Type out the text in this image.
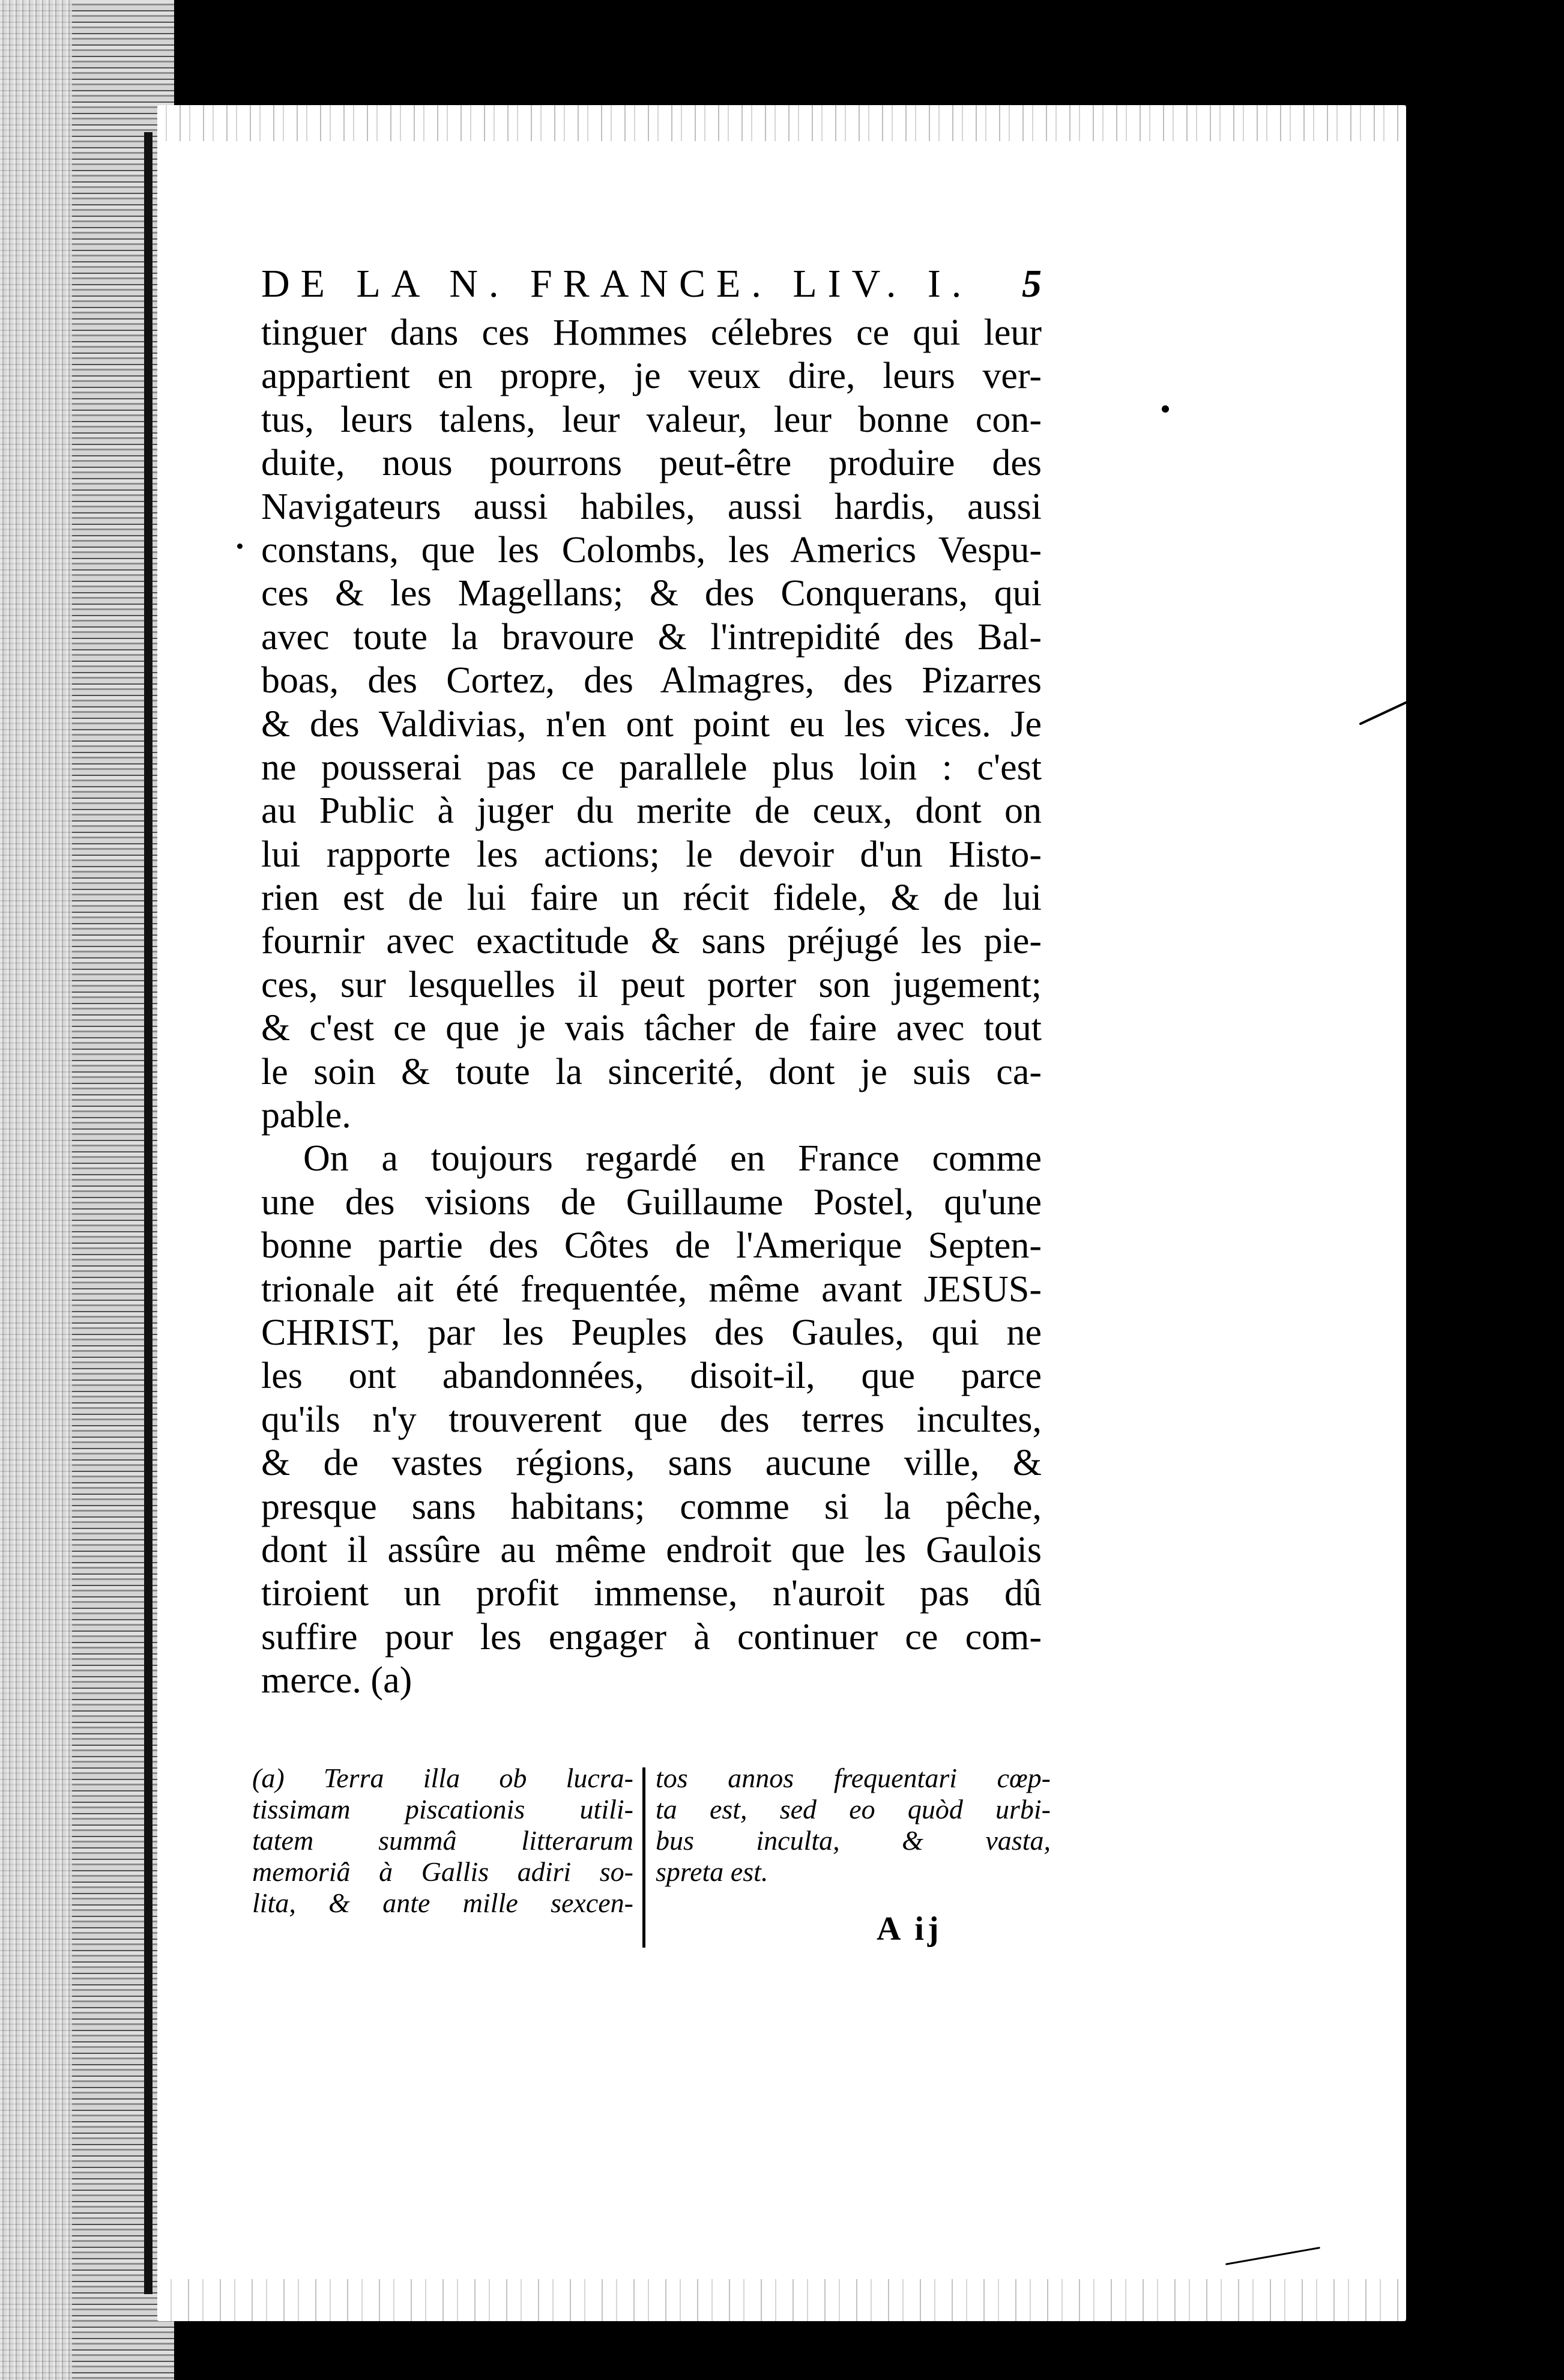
DE LA N. FRANCE. LIV. I.	5
tinguer dans ces Hommes célebres ce qui leur
appartient en propre, je veux dire, leurs ver-
tus, leurs talens, leur valeur, leur bonne con-
duite, nous pourrons peut-être produire des
Navigateurs aussi habiles, aussi hardis, aussi
constans, que les Colombs, les Americs Vespu-
ces & les Magellans; & des Conquerans, qui
avec toute la bravoure & l'intrepidité des Bal-
boas, des Cortez, des Almagres, des Pizarres
& des Valdivias, n'en ont point eu les vices. Je
ne pousserai pas ce parallele plus loin : c'est
au Public à juger du merite de ceux, dont on
lui rapporte les actions; le devoir d'un Histo-
rien est de lui faire un récit fidele, & de lui
fournir avec exactitude & sans préjugé les pie-
ces, sur lesquelles il peut porter son jugement;
& c'est ce que je vais tâcher de faire avec tout
le soin & toute la sincerité, dont je suis ca-
pable.
On a toujours regardé en France comme
une des visions de Guillaume Postel, qu'une
bonne partie des Côtes de l'Amerique Septen-
trionale ait été frequentée, même avant JESUS-
CHRIST, par les Peuples des Gaules, qui ne
les ont abandonnées, disoit-il, que parce
qu'ils n'y trouverent que des terres incultes,
& de vastes régions, sans aucune ville, &
presque sans habitans; comme si la pêche,
dont il assûre au même endroit que les Gaulois
tiroient un profit immense, n'auroit pas dû
suffire pour les engager à continuer ce com-
merce. (a)
(a) Terra illa ob lucra-
tissimam piscationis utili-
tatem summâ litterarum
memoriâ à Gallis adiri so-
lita, & ante mille sexcen-
tos annos frequentari cœp-
ta est, sed eo quòd urbi-
bus inculta, & vasta,
spreta est.
A ij
